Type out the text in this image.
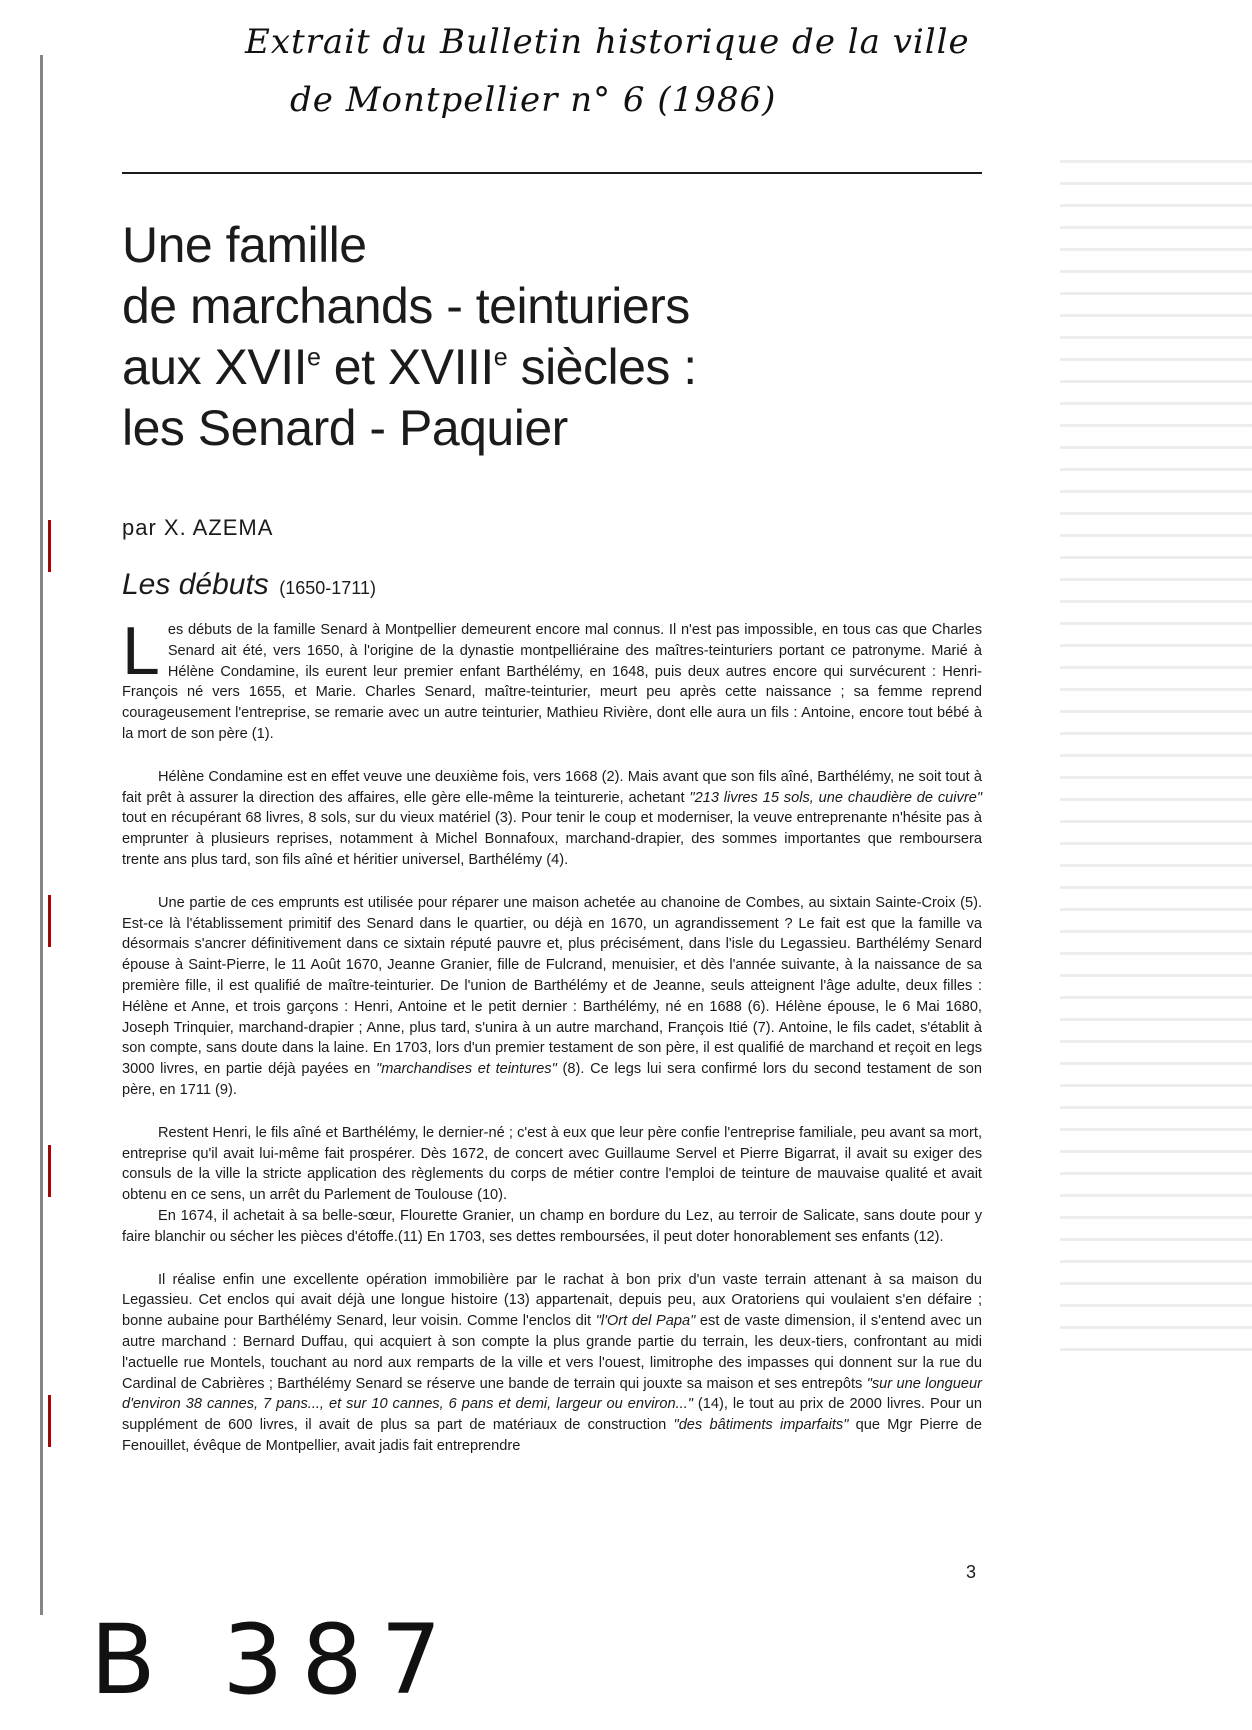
Extrait du Bulletin historique de la ville
de Montpellier n° 6 (1986)
Une famille
de marchands - teinturiers
aux XVIIe et XVIIIe siècles :
les Senard - Paquier
par X. AZEMA
Les débuts (1650-1711)

Les débuts de la famille Senard à Montpellier demeurent encore mal connus. Il n'est pas impossible, en tous cas que Charles Senard ait été, vers 1650, à l'origine de la dynastie montpelliéraine des maîtres-teinturiers portant ce patronyme. Marié à Hélène Condamine, ils eurent leur premier enfant Barthélémy, en 1648, puis deux autres encore qui survécurent : Henri-François né vers 1655, et Marie. Charles Senard, maître-teinturier, meurt peu après cette naissance ; sa femme reprend courageusement l'entreprise, se remarie avec un autre teinturier, Mathieu Rivière, dont elle aura un fils : Antoine, encore tout bébé à la mort de son père (1).

Hélène Condamine est en effet veuve une deuxième fois, vers 1668 (2). Mais avant que son fils aîné, Barthélémy, ne soit tout à fait prêt à assurer la direction des affaires, elle gère elle-même la teinturerie, achetant "213 livres 15 sols, une chaudière de cuivre" tout en récupérant 68 livres, 8 sols, sur du vieux matériel (3). Pour tenir le coup et moderniser, la veuve entreprenante n'hésite pas à emprunter à plusieurs reprises, notamment à Michel Bonnafoux, marchand-drapier, des sommes importantes que remboursera trente ans plus tard, son fils aîné et héritier universel, Barthélémy (4).

Une partie de ces emprunts est utilisée pour réparer une maison achetée au chanoine de Combes, au sixtain Sainte-Croix (5). Est-ce là l'établissement primitif des Senard dans le quartier, ou déjà en 1670, un agrandissement ? Le fait est que la famille va désormais s'ancrer définitivement dans ce sixtain réputé pauvre et, plus précisément, dans l'isle du Legassieu. Barthélémy Senard épouse à Saint-Pierre, le 11 Août 1670, Jeanne Granier, fille de Fulcrand, menuisier, et dès l'année suivante, à la naissance de sa première fille, il est qualifié de maître-teinturier. De l'union de Barthélémy et de Jeanne, seuls atteignent l'âge adulte, deux filles : Hélène et Anne, et trois garçons : Henri, Antoine et le petit dernier : Barthélémy, né en 1688 (6). Hélène épouse, le 6 Mai 1680, Joseph Trinquier, marchand-drapier ; Anne, plus tard, s'unira à un autre marchand, François Itié (7). Antoine, le fils cadet, s'établit à son compte, sans doute dans la laine. En 1703, lors d'un premier testament de son père, il est qualifié de marchand et reçoit en legs 3000 livres, en partie déjà payées en "marchandises et teintures" (8). Ce legs lui sera confirmé lors du second testament de son père, en 1711 (9).

Restent Henri, le fils aîné et Barthélémy, le dernier-né ; c'est à eux que leur père confie l'entreprise familiale, peu avant sa mort, entreprise qu'il avait lui-même fait prospérer. Dès 1672, de concert avec Guillaume Servel et Pierre Bigarrat, il avait su exiger des consuls de la ville la stricte application des règlements du corps de métier contre l'emploi de teinture de mauvaise qualité et avait obtenu en ce sens, un arrêt du Parlement de Toulouse (10).

En 1674, il achetait à sa belle-sœur, Flourette Granier, un champ en bordure du Lez, au terroir de Salicate, sans doute pour y faire blanchir ou sécher les pièces d'étoffe.(11) En 1703, ses dettes remboursées, il peut doter honorablement ses enfants (12).

Il réalise enfin une excellente opération immobilière par le rachat à bon prix d'un vaste terrain attenant à sa maison du Legassieu. Cet enclos qui avait déjà une longue histoire (13) appartenait, depuis peu, aux Oratoriens qui voulaient s'en défaire ; bonne aubaine pour Barthélémy Senard, leur voisin. Comme l'enclos dit "l'Ort del Papa" est de vaste dimension, il s'entend avec un autre marchand : Bernard Duffau, qui acquiert à son compte la plus grande partie du terrain, les deux-tiers, confrontant au midi l'actuelle rue Montels, touchant au nord aux remparts de la ville et vers l'ouest, limitrophe des impasses qui donnent sur la rue du Cardinal de Cabrières ; Barthélémy Senard se réserve une bande de terrain qui jouxte sa maison et ses entrepôts "sur une longueur d'environ 38 cannes, 7 pans..., et sur 10 cannes, 6 pans et demi, largeur ou environ..." (14), le tout au prix de 2000 livres. Pour un supplément de 600 livres, il avait de plus sa part de matériaux de construction "des bâtiments imparfaits" que Mgr Pierre de Fenouillet, évêque de Montpellier, avait jadis fait entreprendre

3
B 387
